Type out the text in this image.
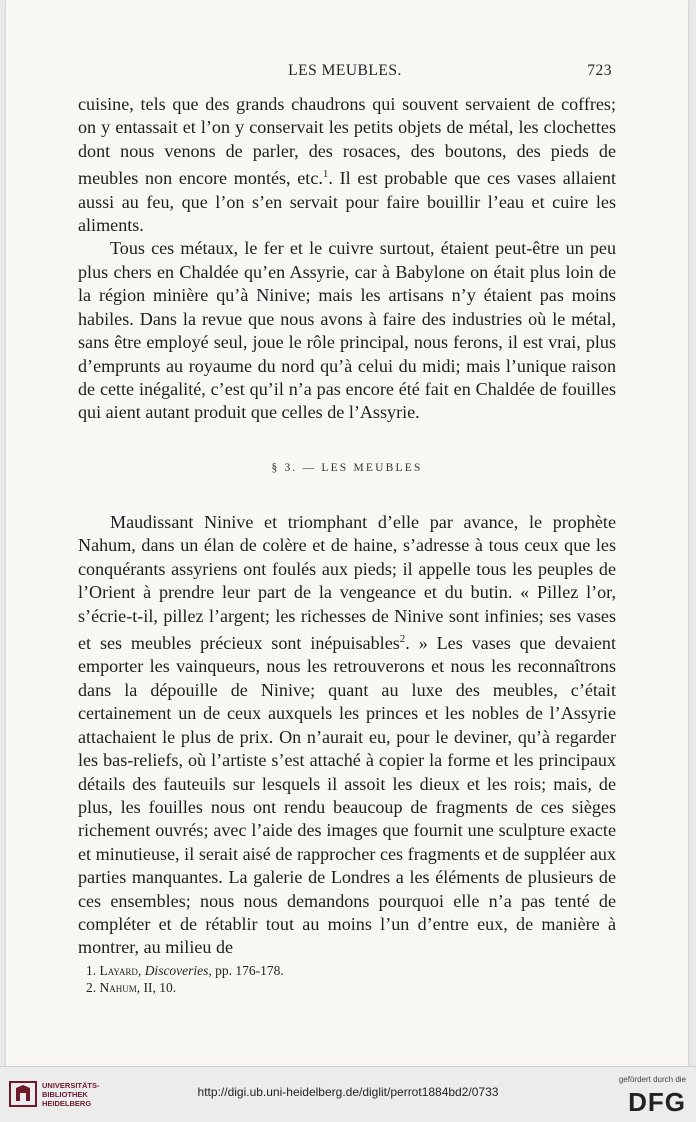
LES MEUBLES.	723

cuisine, tels que des grands chaudrons qui souvent servaient de coffres; on y entassait et l’on y conservait les petits objets de métal, les clochettes dont nous venons de parler, des rosaces, des boutons, des pieds de meubles non encore montés, etc.$^1$. Il est probable que ces vases allaient aussi au feu, que l’on s’en servait pour faire bouillir l’eau et cuire les aliments.

Tous ces métaux, le fer et le cuivre surtout, étaient peut-être un peu plus chers en Chaldée qu’en Assyrie, car à Babylone on était plus loin de la région minière qu’à Ninive; mais les artisans n’y étaient pas moins habiles. Dans la revue que nous avons à faire des industries où le métal, sans être employé seul, joue le rôle principal, nous ferons, il est vrai, plus d’emprunts au royaume du nord qu’à celui du midi; mais l’unique raison de cette inégalité, c’est qu’il n’a pas encore été fait en Chaldée de fouilles qui aient autant produit que celles de l’Assyrie.

§ 3. — LES MEUBLES

Maudissant Ninive et triomphant d’elle par avance, le prophète Nahum, dans un élan de colère et de haine, s’adresse à tous ceux que les conquérants assyriens ont foulés aux pieds; il appelle tous les peuples de l’Orient à prendre leur part de la vengeance et du butin. « Pillez l’or, s’écrie-t-il, pillez l’argent; les richesses de Ninive sont infinies; ses vases et ses meubles précieux sont inépuisables$^2$. » Les vases que devaient emporter les vainqueurs, nous les retrouverons et nous les reconnaîtrons dans la dépouille de Ninive; quant au luxe des meubles, c’était certainement un de ceux auxquels les princes et les nobles de l’Assyrie attachaient le plus de prix. On n’aurait eu, pour le deviner, qu’à regarder les bas-reliefs, où l’artiste s’est attaché à copier la forme et les principaux détails des fauteuils sur lesquels il assoit les dieux et les rois; mais, de plus, les fouilles nous ont rendu beaucoup de fragments de ces sièges richement ouvrés; avec l’aide des images que fournit une sculpture exacte et minutieuse, il serait aisé de rapprocher ces fragments et de suppléer aux parties manquantes. La galerie de Londres a les éléments de plusieurs de ces ensembles; nous nous demandons pourquoi elle n’a pas tenté de compléter et de rétablir tout au moins l’un d’entre eux, de manière à montrer, au milieu de

1. Layard, Discoveries, pp. 176-178.
2. Nahum, II, 10.
UNIVERSITÄTS-
BIBLIOTHEK
HEIDELBERG
http://digi.ub.uni-heidelberg.de/diglit/perrot1884bd2/0733
gefördert durch die
DFG
